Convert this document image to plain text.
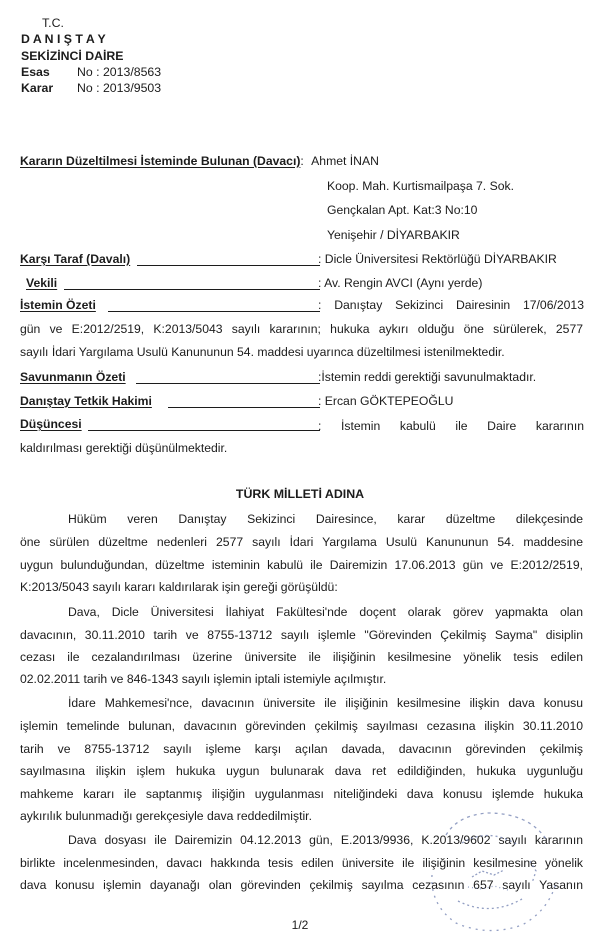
T.C.
D A N I Ş T A Y
SEKİZİNCİ DAİRE
Esas No : 2013/8563
Karar No : 2013/9503
Kararın Düzeltilmesi İsteminde Bulunan (Davacı): Ahmet İNAN
Koop. Mah. Kurtismailpaşa 7. Sok.
Gençkalan Apt. Kat:3 No:10
Yenişehir / DİYARBAKIR
Karşı Taraf (Davalı)	: Dicle Üniversitesi Rektörlüğü DİYARBAKIR
Vekili	: Av. Rengin AVCI (Aynı yerde)
İstemin Özeti	: Danıştay Sekizinci Dairesinin 17/06/2013
gün ve E:2012/2519, K:2013/5043 sayılı kararının; hukuka aykırı olduğu öne sürülerek, 2577
sayılı İdari Yargılama Usulü Kanununun 54. maddesi uyarınca düzeltilmesi istenilmektedir.
Savunmanın Özeti	:İstemin reddi gerektiği savunulmaktadır.
Danıştay Tetkik Hakimi	: Ercan GÖKTEPEOĞLU
Düşüncesi	: İstemin kabulü ile Daire kararının
kaldırılması gerektiği düşünülmektedir.
TÜRK MİLLETİ ADINA
Hüküm veren Danıştay Sekizinci Dairesince, karar düzeltme dilekçesinde
öne sürülen düzeltme nedenleri 2577 sayılı İdari Yargılama Usulü Kanununun 54. maddesine
uygun bulunduğundan, düzeltme isteminin kabulü ile Dairemizin 17.06.2013 gün ve E:2012/2519,
K:2013/5043 sayılı kararı kaldırılarak işin gereği görüşüldü:
Dava, Dicle Üniversitesi İlahiyat Fakültesi'nde doçent olarak görev yapmakta olan
davacının, 30.11.2010 tarih ve 8755-13712 sayılı işlemle "Görevinden Çekilmiş Sayma" disiplin
cezası ile cezalandırılması üzerine üniversite ile ilişiğinin kesilmesine yönelik tesis edilen
02.02.2011 tarih ve 846-1343 sayılı işlemin iptali istemiyle açılmıştır.
İdare Mahkemesi'nce, davacının üniversite ile ilişiğinin kesilmesine ilişkin dava konusu
işlemin temelinde bulunan, davacının görevinden çekilmiş sayılması cezasına ilişkin 30.11.2010
tarih ve 8755-13712 sayılı işleme karşı açılan davada, davacının görevinden çekilmiş
sayılmasına ilişkin işlem hukuka uygun bulunarak dava ret edildiğinden, hukuka uygunluğu
mahkeme kararı ile saptanmış ilişiğin uygulanması niteliğindeki dava konusu işlemde hukuka
aykırılık bulunmadığı gerekçesiyle dava reddedilmiştir.
Dava dosyası ile Dairemizin 04.12.2013 gün, E.2013/9936, K.2013/9602 sayılı kararının
birlikte incelenmesinden, davacı hakkında tesis edilen üniversite ile ilişiğinin kesilmesine yönelik
dava konusu işlemin dayanağı olan görevinden çekilmiş sayılma cezasının 657 sayılı Yasanın
1/2
